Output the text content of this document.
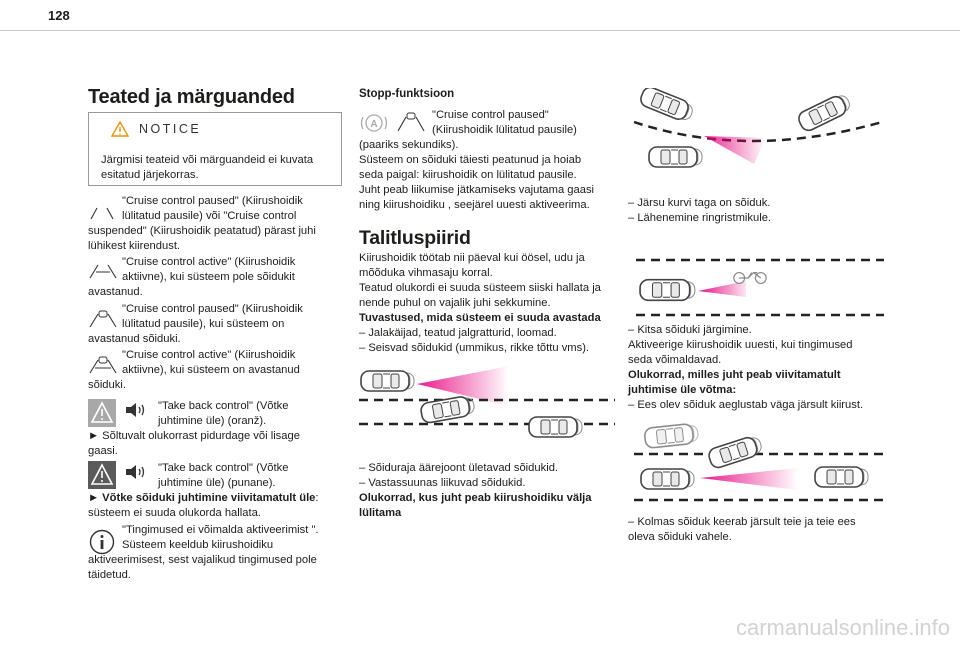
128
Teated ja märguanded
NOTICE
Järgmisi teateid või märguandeid ei kuvata esitatud järjekorras.
"Cruise control paused" (Kiirushoidik
lülitatud pausile) või "Cruise control
suspended" (Kiirushoidik peatatud) pärast juhi
lühikest kiirendust.
"Cruise control active" (Kiirushoidik
aktiivne), kui süsteem pole sõidukit
avastanud.
"Cruise control paused" (Kiirushoidik
lülitatud pausile), kui süsteem on
avastanud sõiduki.
"Cruise control active" (Kiirushoidik
aktiivne), kui süsteem on avastanud
sõiduki.
"Take back control" (Võtke
juhtimine üle) (oranž).
► Sõltuvalt olukorrast pidurdage või lisage
gaasi.
"Take back control" (Võtke
juhtimine üle) (punane).
► Võtke sõiduki juhtimine viivitamatult üle:
süsteem ei suuda olukorda hallata.
"Tingimused ei võimalda aktiveerimist ".
Süsteem keeldub kiirushoidiku
aktiveerimisest, sest vajalikud tingimused pole
täidetud.
Stopp-funktsioon
A
"Cruise control paused"
(Kiirushoidik lülitatud pausile)
(paariks sekundiks).
Süsteem on sõiduki täiesti peatunud ja hoiab
seda paigal: kiirushoidik on lülitatud pausile.
Juht peab liikumise jätkamiseks vajutama gaasi
ning kiirushoidiku , seejärel uuesti aktiveerima.
Talitluspiirid
Kiirushoidik töötab nii päeval kui öösel, udu ja
mõõduka vihmasaju korral.
Teatud olukordi ei suuda süsteem siiski hallata ja
nende puhul on vajalik juhi sekkumine.
Tuvastused, mida süsteem ei suuda avastada
– Jalakäijad, teatud jalgratturid, loomad.
– Seisvad sõidukid (ummikus, rikke tõttu vms).
– Sõiduraja äärejoont ületavad sõidukid.
– Vastassuunas liikuvad sõidukid.
Olukorrad, kus juht peab kiirushoidiku välja
lülitama
– Järsu kurvi taga on sõiduk.
– Lähenemine ringristmikule.
– Kitsa sõiduki järgimine.
Aktiveerige kiirushoidik uuesti, kui tingimused
seda võimaldavad.
Olukorrad, milles juht peab viivitamatult
juhtimise üle võtma:
– Ees olev sõiduk aeglustab väga järsult kiirust.
– Kolmas sõiduk keerab järsult teie ja teie ees
oleva sõiduki vahele.
carmanualsonline.info
